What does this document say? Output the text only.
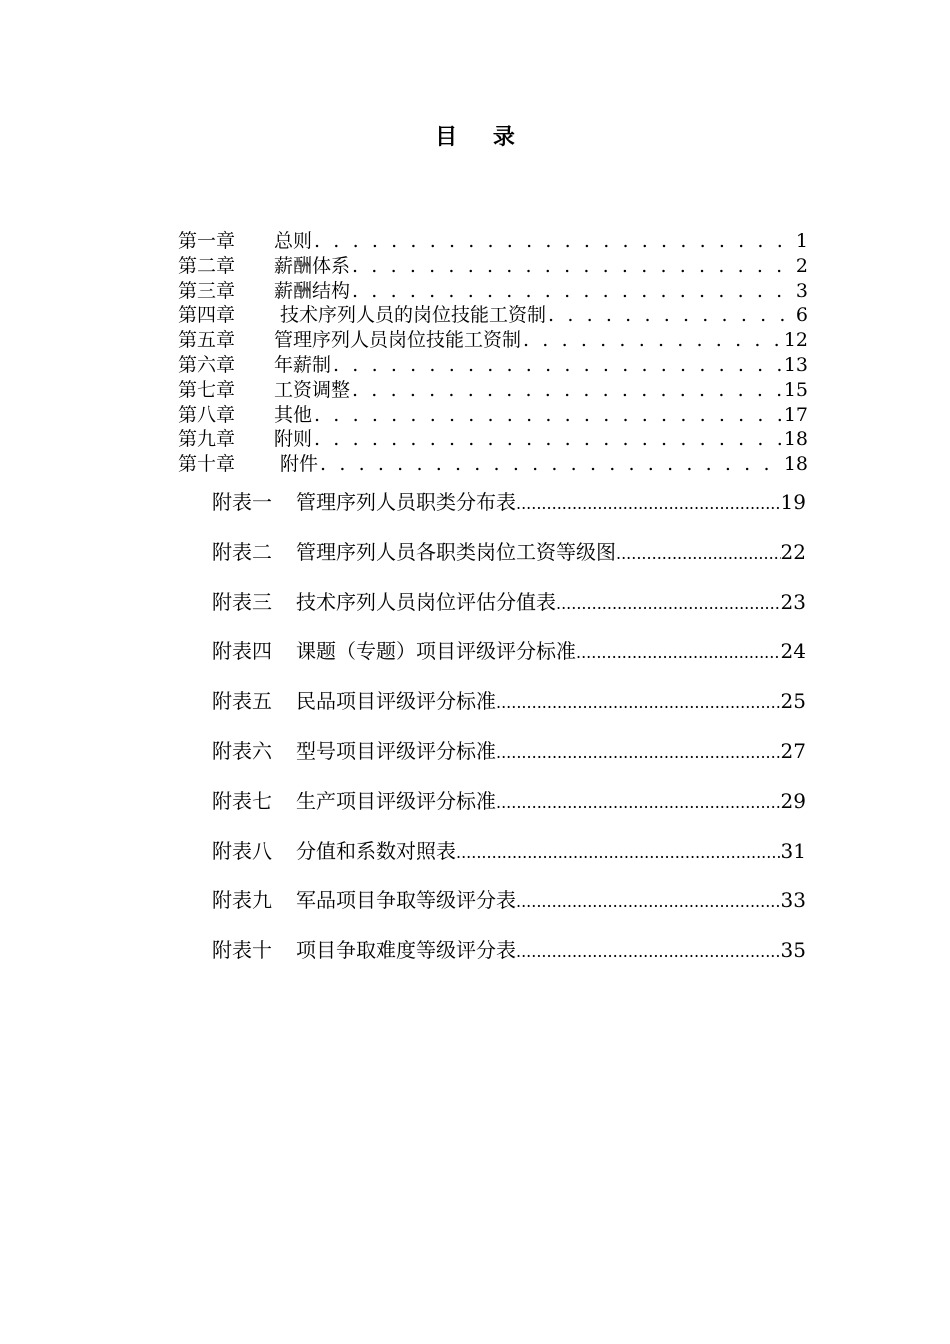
目 录
第一章	总则 . . .	1
第二章	薪酬体系 . . .	2
第三章	薪酬结构 . . .	3
第四章	技术序列人员的岗位技能工资制 . . .	6
第五章	管理序列人员岗位技能工资制 . . .	12
第六章	年薪制 . . .	13
第七章	工资调整 . . .	15
第八章	其他 . . .	17
第九章	附则 . . .	18
第十章	附件 . . .	18
附表一	管理序列人员职类分布表 .....	19
附表二	管理序列人员各职类岗位工资等级图 .....	22
附表三	技术序列人员岗位评估分值表 .....	23
附表四	课题（专题）项目评级评分标准 .....	24
附表五	民品项目评级评分标准 .....	25
附表六	型号项目评级评分标准 .....	27
附表七	生产项目评级评分标准 .....	29
附表八	分值和系数对照表 .....	31
附表九	军品项目争取等级评分表 .....	33
附表十	项目争取难度等级评分表 .....	35
